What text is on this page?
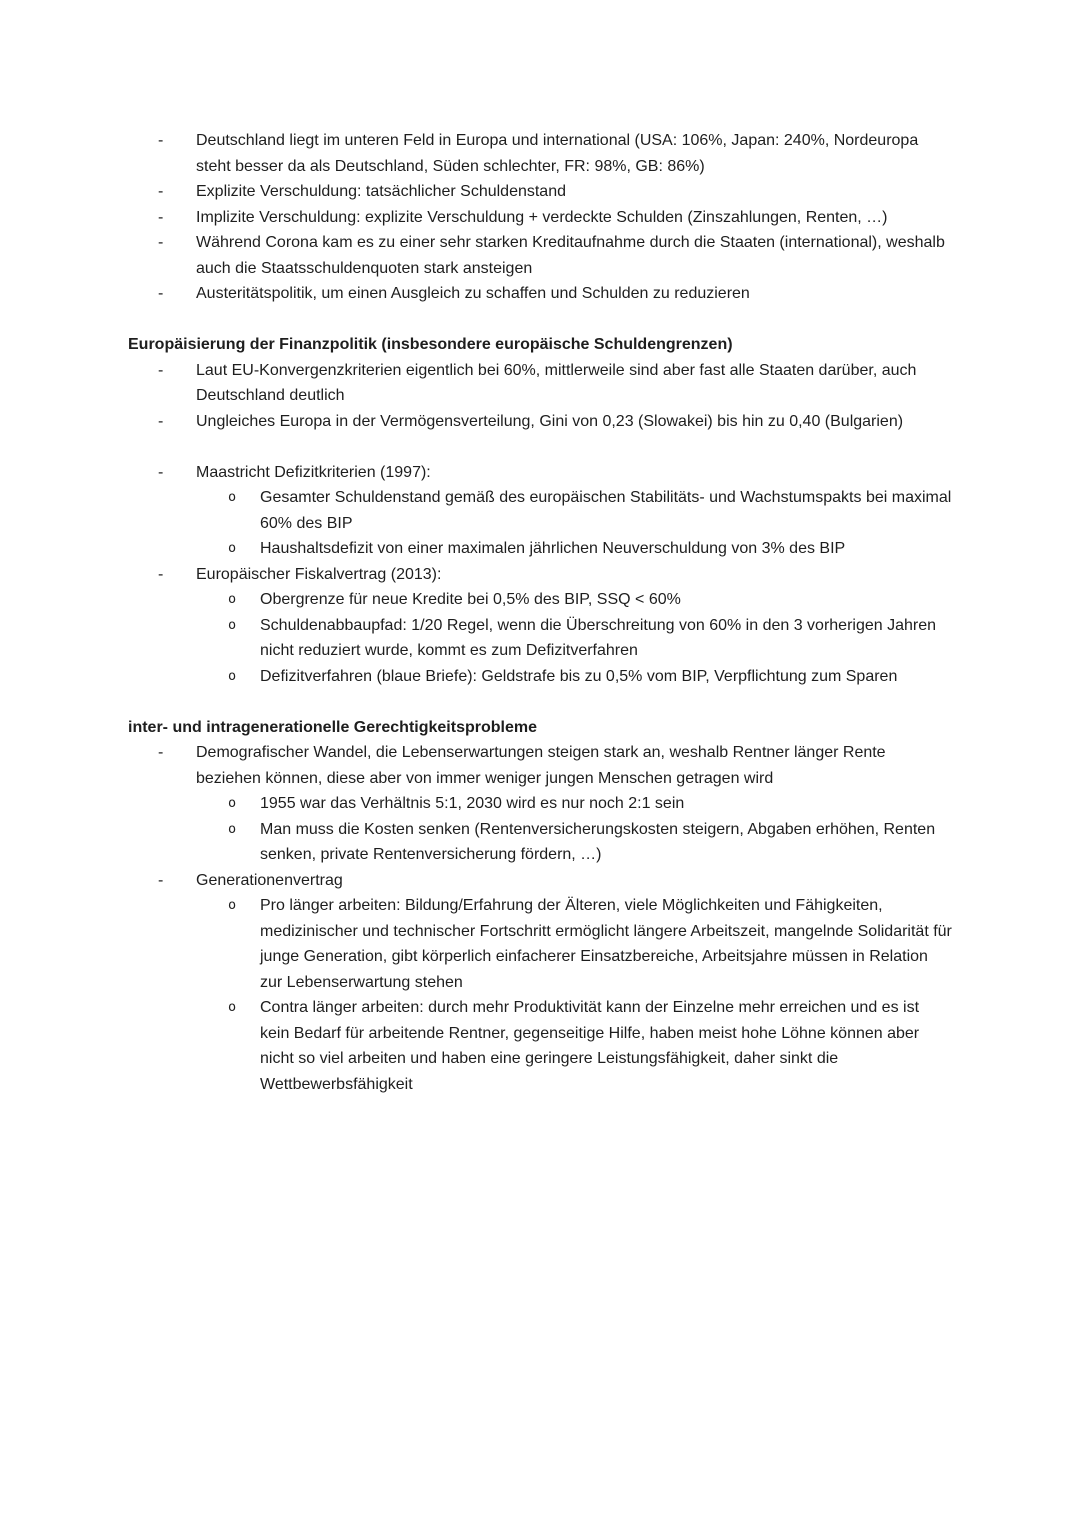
-	Deutschland liegt im unteren Feld in Europa und international (USA: 106%, Japan: 240%, Nordeuropa steht besser da als Deutschland, Süden schlechter, FR: 98%, GB: 86%)
-	Explizite Verschuldung: tatsächlicher Schuldenstand
-	Implizite Verschuldung: explizite Verschuldung + verdeckte Schulden (Zinszahlungen, Renten, …)
-	Während Corona kam es zu einer sehr starken Kreditaufnahme durch die Staaten (international), weshalb auch die Staatsschuldenquoten stark ansteigen
-	Austeritätspolitik, um einen Ausgleich zu schaffen und Schulden zu reduzieren
Europäisierung der Finanzpolitik (insbesondere europäische Schuldengrenzen)
-	Laut EU-Konvergenzkriterien eigentlich bei 60%, mittlerweile sind aber fast alle Staaten darüber, auch Deutschland deutlich
-	Ungleiches Europa in der Vermögensverteilung, Gini von 0,23 (Slowakei) bis hin zu 0,40 (Bulgarien)
-	Maastricht Defizitkriterien (1997):
o	Gesamter Schuldenstand gemäß des europäischen Stabilitäts- und Wachstumspakts bei maximal 60% des BIP
o	Haushaltsdefizit von einer maximalen jährlichen Neuverschuldung von 3% des BIP
-	Europäischer Fiskalvertrag (2013):
o	Obergrenze für neue Kredite bei 0,5% des BIP, SSQ < 60%
o	Schuldenabbaupfad: 1/20 Regel, wenn die Überschreitung von 60% in den 3 vorherigen Jahren nicht reduziert wurde, kommt es zum Defizitverfahren
o	Defizitverfahren (blaue Briefe): Geldstrafe bis zu 0,5% vom BIP, Verpflichtung zum Sparen
inter- und intragenerationelle Gerechtigkeitsprobleme
-	Demografischer Wandel, die Lebenserwartungen steigen stark an, weshalb Rentner länger Rente beziehen können, diese aber von immer weniger jungen Menschen getragen wird
o	1955 war das Verhältnis 5:1, 2030 wird es nur noch 2:1 sein
o	Man muss die Kosten senken (Rentenversicherungskosten steigern, Abgaben erhöhen, Renten senken, private Rentenversicherung fördern, …)
-	Generationenvertrag
o	Pro länger arbeiten: Bildung/Erfahrung der Älteren, viele Möglichkeiten und Fähigkeiten, medizinischer und technischer Fortschritt ermöglicht längere Arbeitszeit, mangelnde Solidarität für junge Generation, gibt körperlich einfacherer Einsatzbereiche, Arbeitsjahre müssen in Relation zur Lebenserwartung stehen
o	Contra länger arbeiten: durch mehr Produktivität kann der Einzelne mehr erreichen und es ist kein Bedarf für arbeitende Rentner, gegenseitige Hilfe, haben meist hohe Löhne können aber nicht so viel arbeiten und haben eine geringere Leistungsfähigkeit, daher sinkt die Wettbewerbsfähigkeit
